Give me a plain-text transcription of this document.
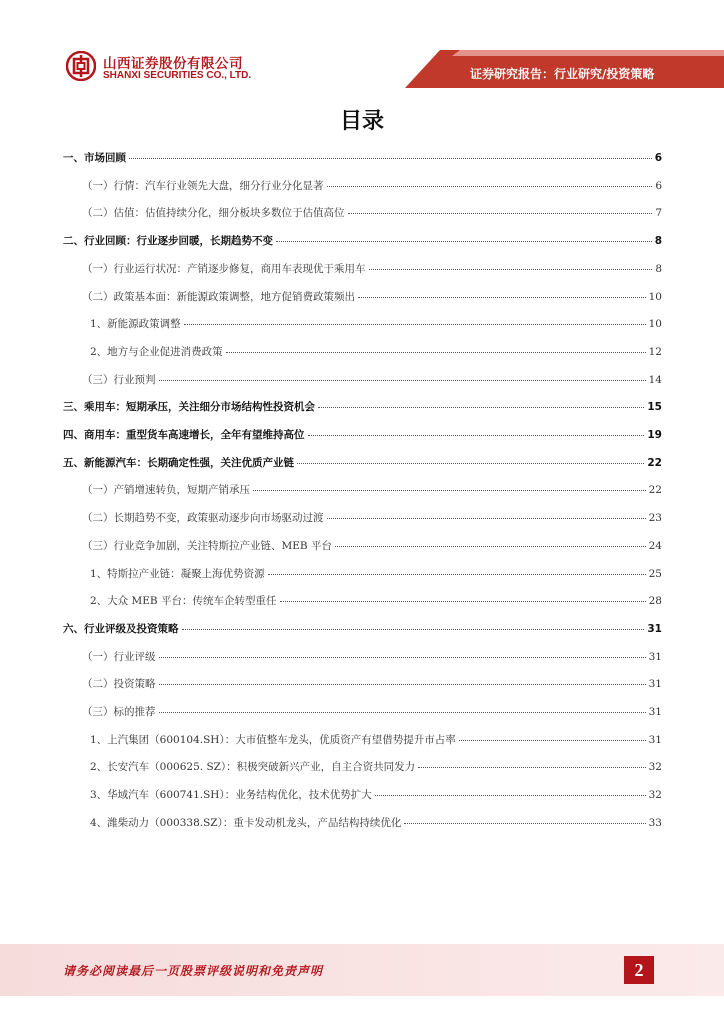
山西证券股份有限公司
SHANXI SECURITIES CO., LTD.	证券研究报告：行业研究/投资策略
目录
一、市场回顾	6
（一）行情：汽车行业领先大盘，细分行业分化显著	6
（二）估值：估值持续分化，细分板块多数位于估值高位	7
二、行业回顾：行业逐步回暖，长期趋势不变	8
（一）行业运行状况：产销逐步修复，商用车表现优于乘用车	8
（二）政策基本面：新能源政策调整，地方促销费政策频出	10
1、新能源政策调整	10
2、地方与企业促进消费政策	12
（三）行业预判	14
三、乘用车：短期承压，关注细分市场结构性投资机会	15
四、商用车：重型货车高速增长，全年有望维持高位	19
五、新能源汽车：长期确定性强，关注优质产业链	22
（一）产销增速转负，短期产销承压	22
（二）长期趋势不变，政策驱动逐步向市场驱动过渡	23
（三）行业竞争加剧，关注特斯拉产业链、MEB 平台	24
1、特斯拉产业链：凝聚上海优势资源	25
2、大众 MEB 平台：传统车企转型重任	28
六、行业评级及投资策略	31
（一）行业评级	31
（二）投资策略	31
（三）标的推荐	31
1、上汽集团（600104.SH）：大市值整车龙头，优质资产有望借势提升市占率	31
2、长安汽车（000625. SZ）：积极突破新兴产业，自主合资共同发力	32
3、华域汽车（600741.SH）：业务结构优化，技术优势扩大	32
4、潍柴动力（000338.SZ）：重卡发动机龙头，产品结构持续优化	33
请务必阅读最后一页股票评级说明和免责声明	2
